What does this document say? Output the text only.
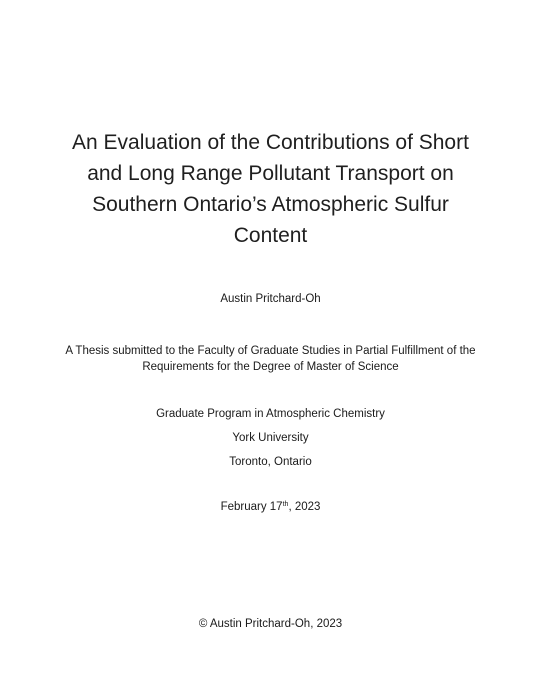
An Evaluation of the Contributions of Short
and Long Range Pollutant Transport on
Southern Ontario’s Atmospheric Sulfur
Content

Austin Pritchard-Oh

A Thesis submitted to the Faculty of Graduate Studies in Partial Fulfillment of the

Requirements for the Degree of Master of Science

Graduate Program in Atmospheric Chemistry

York University

Toronto, Ontario

February 17th, 2023

© Austin Pritchard-Oh, 2023
